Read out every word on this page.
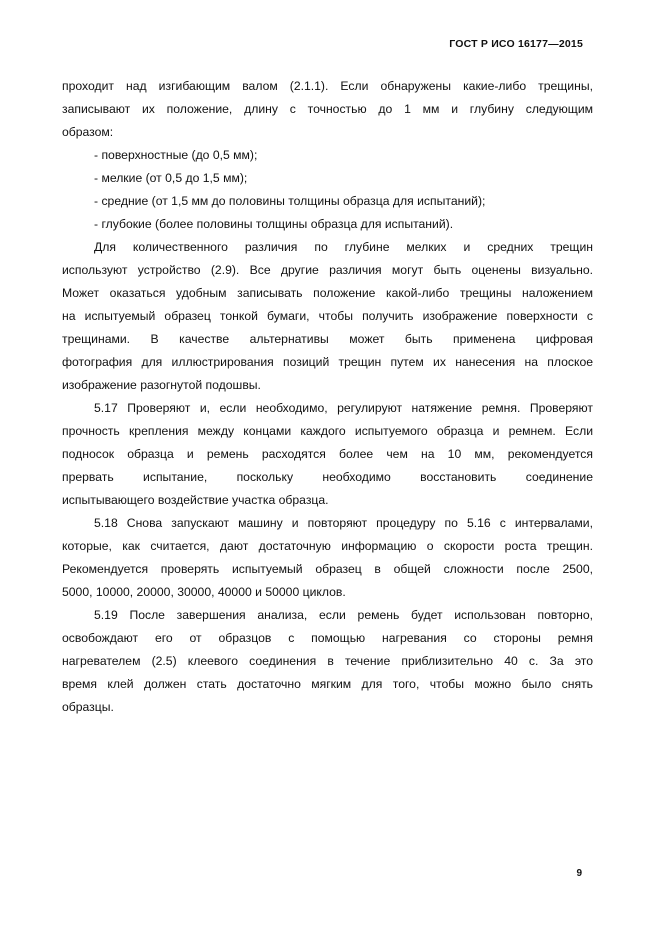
ГОСТ Р ИСО 16177—2015
проходит над изгибающим валом (2.1.1). Если обнаружены какие-либо трещины,
записывают их положение, длину с точностью до 1 мм и глубину следующим
образом:
- поверхностные (до 0,5 мм);
- мелкие (от 0,5 до 1,5 мм);
- средние (от 1,5 мм до половины толщины образца для испытаний);
- глубокие (более половины толщины образца для испытаний).
Для количественного различия по глубине мелких и средних трещин
используют устройство (2.9). Все другие различия могут быть оценены визуально.
Может оказаться удобным записывать положение какой-либо трещины наложением
на испытуемый образец тонкой бумаги, чтобы получить изображение поверхности с
трещинами. В качестве альтернативы может быть применена цифровая
фотография для иллюстрирования позиций трещин путем их нанесения на плоское
изображение разогнутой подошвы.
5.17 Проверяют и, если необходимо, регулируют натяжение ремня. Проверяют
прочность крепления между концами каждого испытуемого образца и ремнем. Если
подносок образца и ремень расходятся более чем на 10 мм, рекомендуется
прервать испытание, поскольку необходимо восстановить соединение
испытывающего воздействие участка образца.
5.18 Снова запускают машину и повторяют процедуру по 5.16 с интервалами,
которые, как считается, дают достаточную информацию о скорости роста трещин.
Рекомендуется проверять испытуемый образец в общей сложности после 2500,
5000, 10000, 20000, 30000, 40000 и 50000 циклов.
5.19 После завершения анализа, если ремень будет использован повторно,
освобождают его от образцов с помощью нагревания со стороны ремня
нагревателем (2.5) клеевого соединения в течение приблизительно 40 с. За это
время клей должен стать достаточно мягким для того, чтобы можно было снять
образцы.
9
